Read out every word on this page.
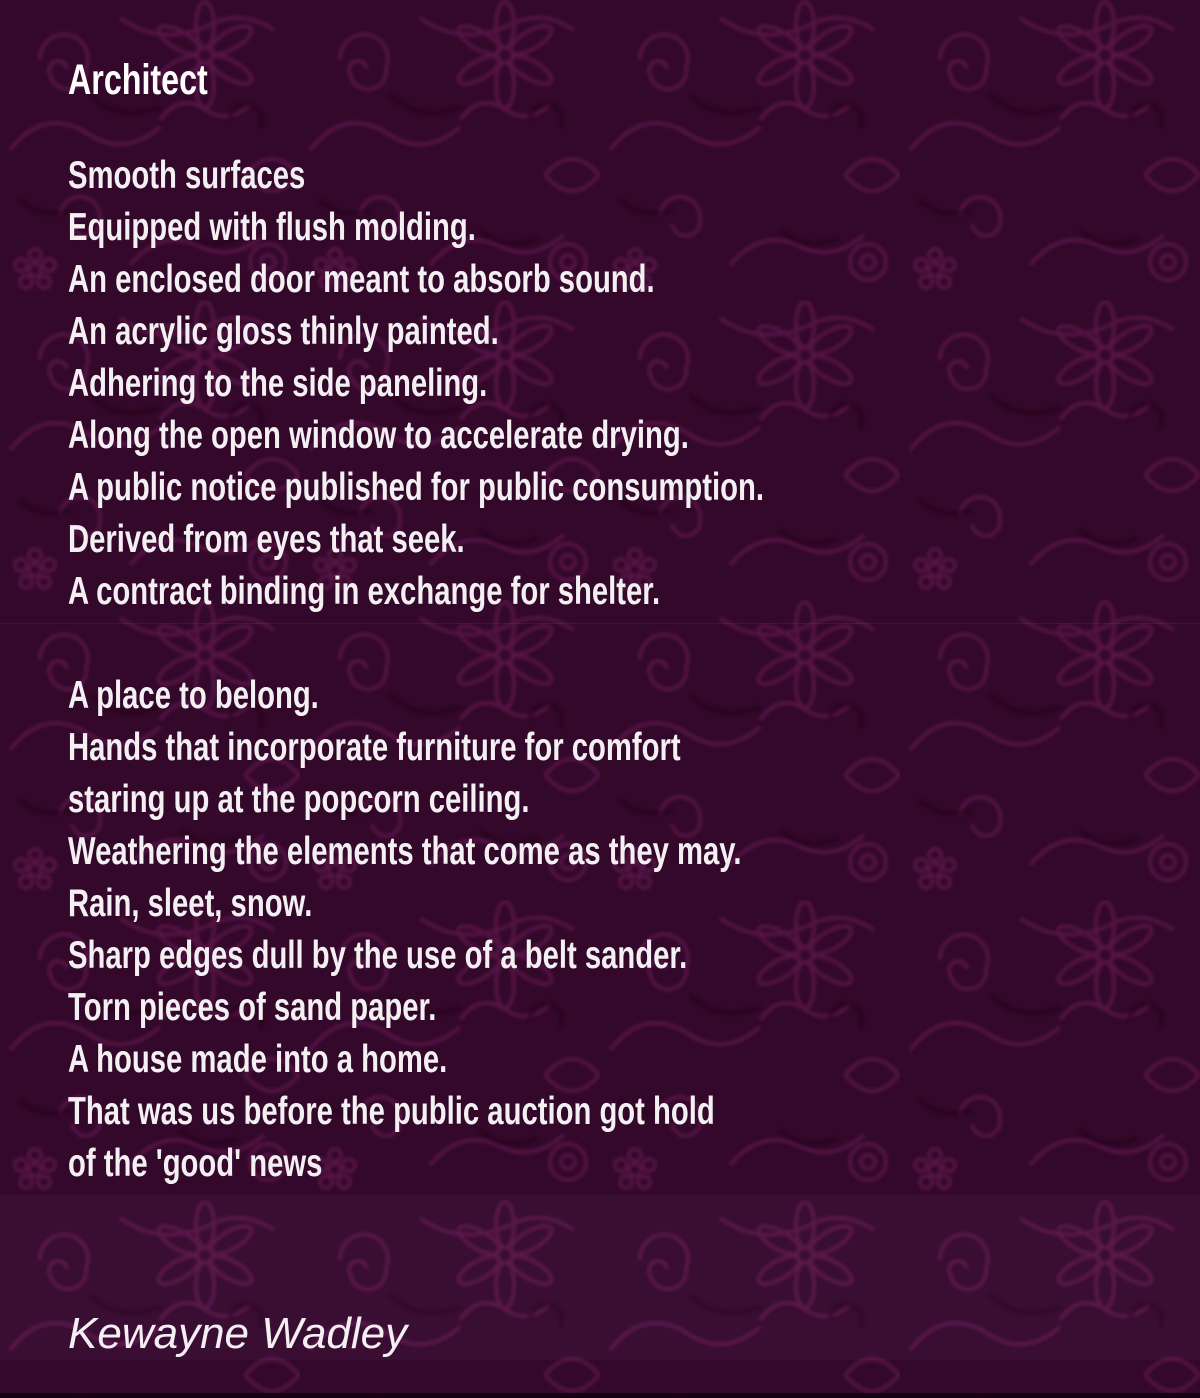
Architect
Smooth surfaces
Equipped with flush molding.
An enclosed door meant to absorb sound.
An acrylic gloss thinly painted.
Adhering to the side paneling.
Along the open window to accelerate drying.
A public notice published for public consumption.
Derived from eyes that seek.
A contract binding in exchange for shelter.
A place to belong.
Hands that incorporate furniture for comfort
staring up at the popcorn ceiling.
Weathering the elements that come as they may.
Rain, sleet, snow.
Sharp edges dull by the use of a belt sander.
Torn pieces of sand paper.
A house made into a home.
That was us before the public auction got hold
of the 'good' news
Kewayne Wadley
